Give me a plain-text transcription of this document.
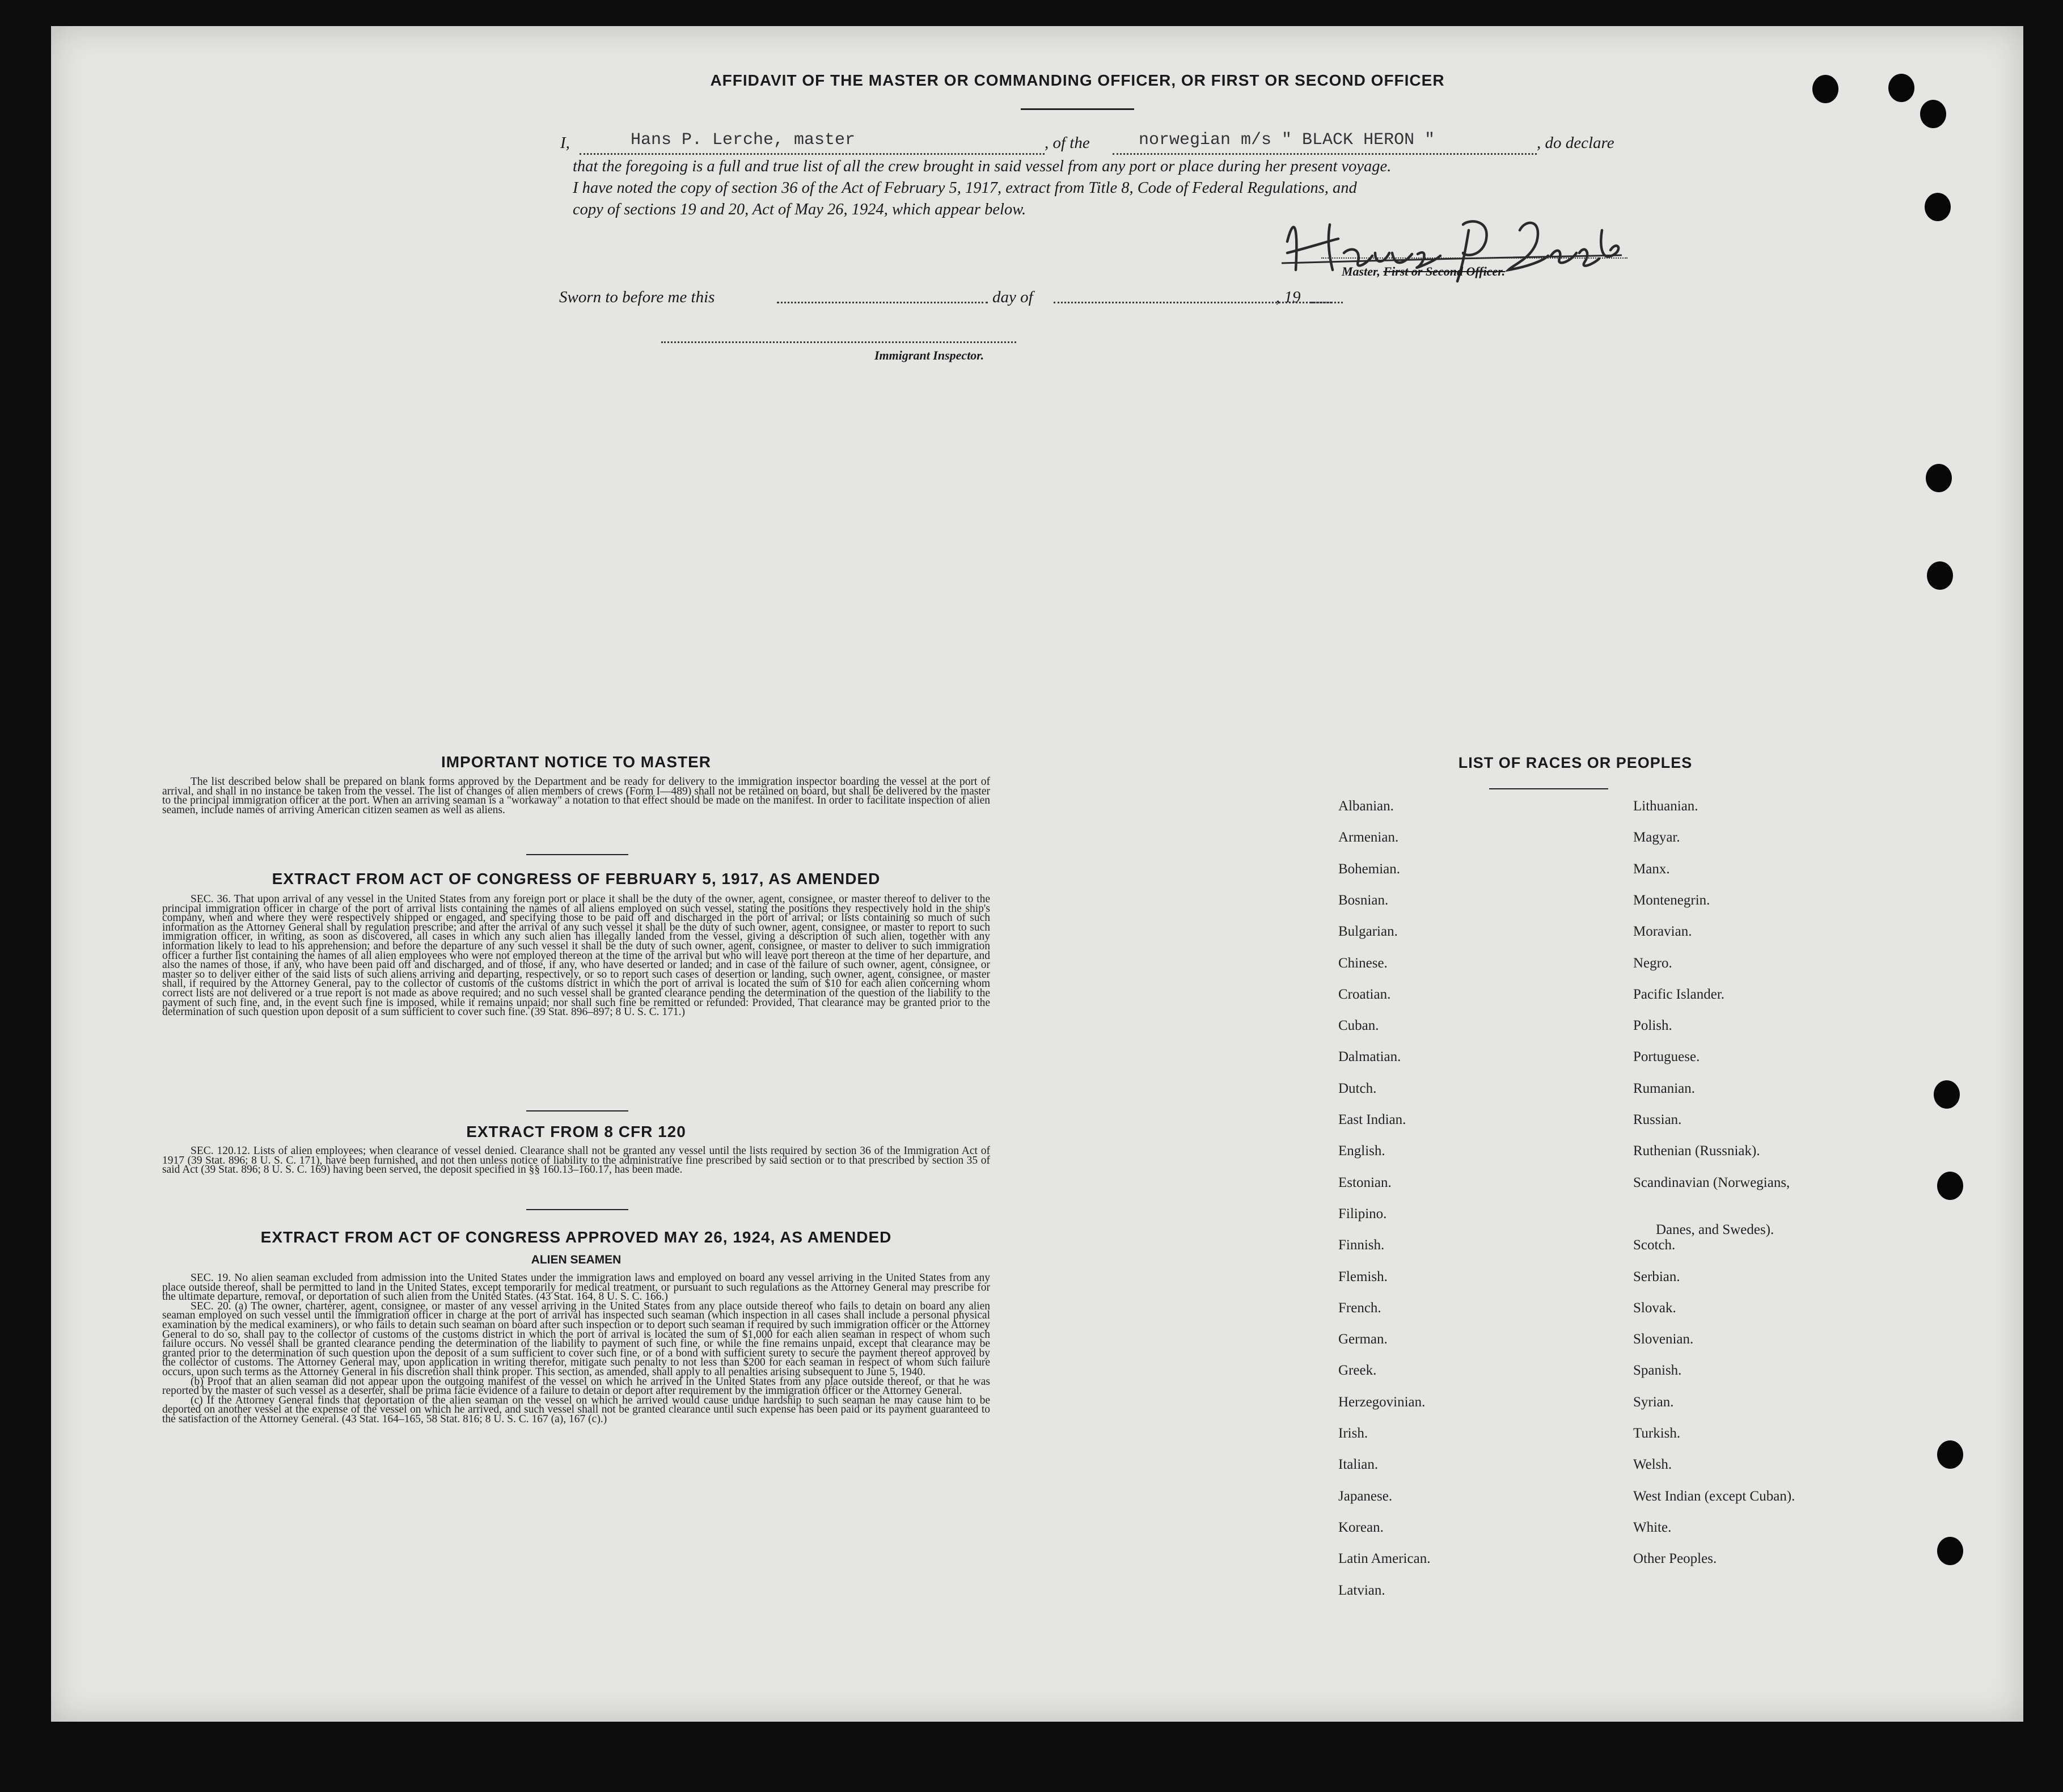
AFFIDAVIT OF THE MASTER OR COMMANDING OFFICER, OR FIRST OR SECOND OFFICER
I,	Hans P. Lerche, master	, of the	norwegian m/s " BLACK HERON "	, do declare
that the foregoing is a full and true list of all the crew brought in said vessel from any port or place during her present voyage.
I have noted the copy of section 36 of the Act of February 5, 1917, extract from Title 8, Code of Federal Regulations, and
copy of sections 19 and 20, Act of May 26, 1924, which appear below.
Master, First or Second Officer.
Sworn to before me this	day of	, 19
Immigrant Inspector.
IMPORTANT NOTICE TO MASTER
The list described below shall be prepared on blank forms approved by the Department and be ready for delivery to the immigration inspector boarding the vessel at the port of arrival, and shall in no instance be taken from the vessel. The list of changes of alien members of crews (Form I—489) shall not be retained on board, but shall be delivered by the master to the principal immigration officer at the port. When an arriving seaman is a "workaway" a notation to that effect should be made on the manifest. In order to facilitate inspection of alien seamen, include names of arriving American citizen seamen as well as aliens.
EXTRACT FROM ACT OF CONGRESS OF FEBRUARY 5, 1917, AS AMENDED
SEC. 36. That upon arrival of any vessel in the United States from any foreign port or place it shall be the duty of the owner, agent, consignee, or master thereof to deliver to the principal immigration officer in charge of the port of arrival lists containing the names of all aliens employed on such vessel, stating the positions they respectively hold in the ship's company, when and where they were respectively shipped or engaged, and specifying those to be paid off and discharged in the port of arrival; or lists containing so much of such information as the Attorney General shall by regulation prescribe; and after the arrival of any such vessel it shall be the duty of such owner, agent, consignee, or master to report to such immigration officer, in writing, as soon as discovered, all cases in which any such alien has illegally landed from the vessel, giving a description of such alien, together with any information likely to lead to his apprehension; and before the departure of any such vessel it shall be the duty of such owner, agent, consignee, or master to deliver to such immigration officer a further list containing the names of all alien employees who were not employed thereon at the time of the arrival but who will leave port thereon at the time of her departure, and also the names of those, if any, who have been paid off and discharged, and of those, if any, who have deserted or landed; and in case of the failure of such owner, agent, consignee, or master so to deliver either of the said lists of such aliens arriving and departing, respectively, or so to report such cases of desertion or landing, such owner, agent, consignee, or master shall, if required by the Attorney General, pay to the collector of customs of the customs district in which the port of arrival is located the sum of $10 for each alien concerning whom correct lists are not delivered or a true report is not made as above required; and no such vessel shall be granted clearance pending the determination of the question of the liability to the payment of such fine, and, in the event such fine is imposed, while it remains unpaid; nor shall such fine be remitted or refunded: Provided, That clearance may be granted prior to the determination of such question upon deposit of a sum sufficient to cover such fine. (39 Stat. 896–897; 8 U. S. C. 171.)
EXTRACT FROM 8 CFR 120
SEC. 120.12. Lists of alien employees; when clearance of vessel denied. Clearance shall not be granted any vessel until the lists required by section 36 of the Immigration Act of 1917 (39 Stat. 896; 8 U. S. C. 171), have been furnished, and not then unless notice of liability to the administrative fine prescribed by said section or to that prescribed by section 35 of said Act (39 Stat. 896; 8 U. S. C. 169) having been served, the deposit specified in §§ 160.13–160.17, has been made.
EXTRACT FROM ACT OF CONGRESS APPROVED MAY 26, 1924, AS AMENDED
ALIEN SEAMEN
SEC. 19. No alien seaman excluded from admission into the United States under the immigration laws and employed on board any vessel arriving in the United States from any place outside thereof, shall be permitted to land in the United States, except temporarily for medical treatment, or pursuant to such regulations as the Attorney General may prescribe for the ultimate departure, removal, or deportation of such alien from the United States. (43 Stat. 164, 8 U. S. C. 166.)
SEC. 20. (a) The owner, charterer, agent, consignee, or master of any vessel arriving in the United States from any place outside thereof who fails to detain on board any alien seaman employed on such vessel until the immigration officer in charge at the port of arrival has inspected such seaman (which inspection in all cases shall include a personal physical examination by the medical examiners), or who fails to detain such seaman on board after such inspection or to deport such seaman if required by such immigration officer or the Attorney General to do so, shall pay to the collector of customs of the customs district in which the port of arrival is located the sum of $1,000 for each alien seaman in respect of whom such failure occurs. No vessel shall be granted clearance pending the determination of the liability to payment of such fine, or while the fine remains unpaid, except that clearance may be granted prior to the determination of such question upon the deposit of a sum sufficient to cover such fine, or of a bond with sufficient surety to secure the payment thereof approved by the collector of customs. The Attorney General may, upon application in writing therefor, mitigate such penalty to not less than $200 for each seaman in respect of whom such failure occurs, upon such terms as the Attorney General in his discretion shall think proper. This section, as amended, shall apply to all penalties arising subsequent to June 5, 1940.
(b) Proof that an alien seaman did not appear upon the outgoing manifest of the vessel on which he arrived in the United States from any place outside thereof, or that he was reported by the master of such vessel as a deserter, shall be prima facie evidence of a failure to detain or deport after requirement by the immigration officer or the Attorney General.
(c) If the Attorney General finds that deportation of the alien seaman on the vessel on which he arrived would cause undue hardship to such seaman he may cause him to be deported on another vessel at the expense of the vessel on which he arrived, and such vessel shall not be granted clearance until such expense has been paid or its payment guaranteed to the satisfaction of the Attorney General. (43 Stat. 164–165, 58 Stat. 816; 8 U. S. C. 167 (a), 167 (c).)
LIST OF RACES OR PEOPLES
Albanian.
Armenian.
Bohemian.
Bosnian.
Bulgarian.
Chinese.
Croatian.
Cuban.
Dalmatian.
Dutch.
East Indian.
English.
Estonian.
Filipino.
Finnish.
Flemish.
French.
German.
Greek.
Herzegovinian.
Irish.
Italian.
Japanese.
Korean.
Latin American.
Latvian.
Lithuanian.
Magyar.
Manx.
Montenegrin.
Moravian.
Negro.
Pacific Islander.
Polish.
Portuguese.
Rumanian.
Russian.
Ruthenian (Russniak).
Scandinavian (Norwegians,
Danes, and Swedes).
Scotch.
Serbian.
Slovak.
Slovenian.
Spanish.
Syrian.
Turkish.
Welsh.
West Indian (except Cuban).
White.
Other Peoples.
